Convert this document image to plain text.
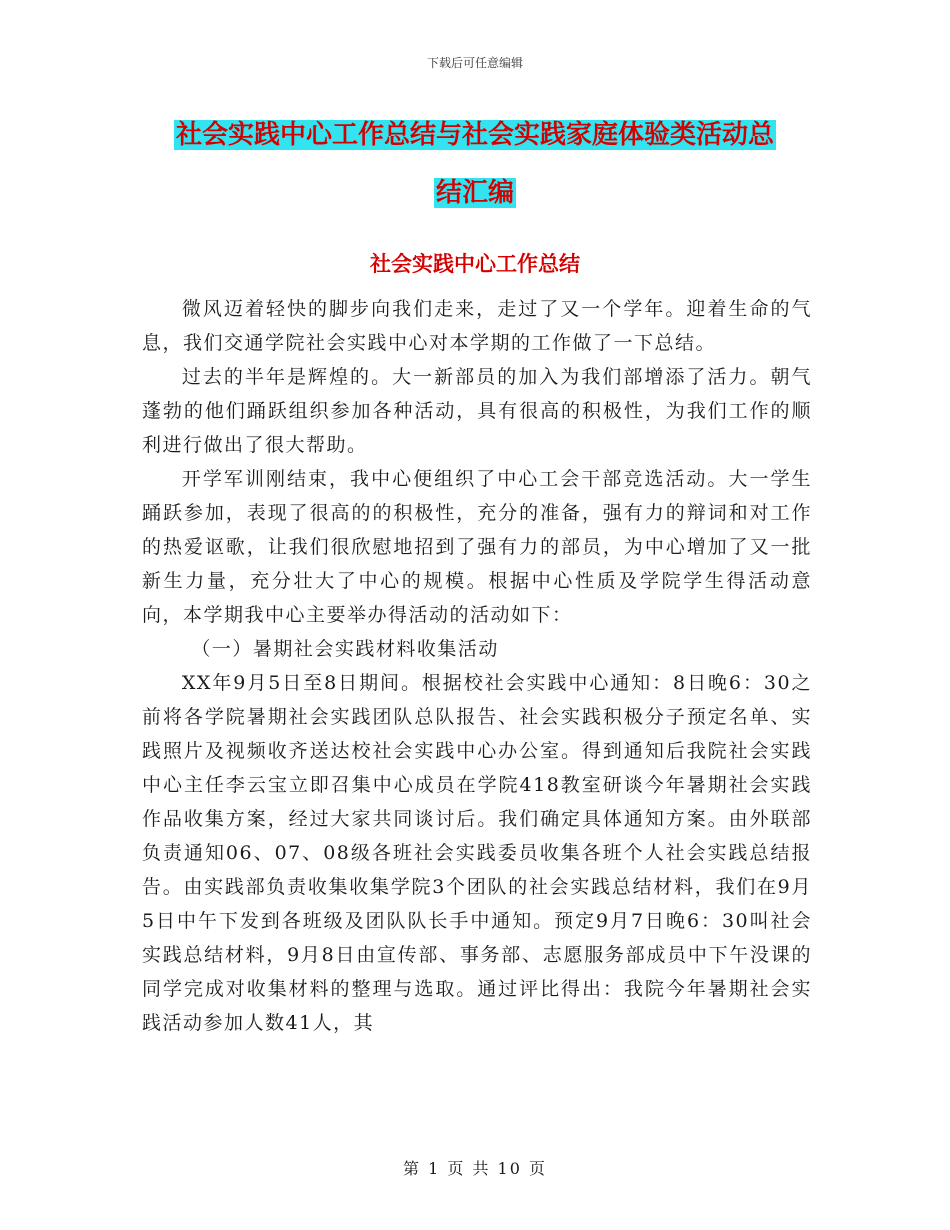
下载后可任意编辑
社会实践中心工作总结与社会实践家庭体验类活动总
结汇编
社会实践中心工作总结

微风迈着轻快的脚步向我们走来，走过了又一个学年。迎着生命的气息，我们交通学院社会实践中心对本学期的工作做了一下总结。

过去的半年是辉煌的。大一新部员的加入为我们部增添了活力。朝气蓬勃的他们踊跃组织参加各种活动，具有很高的积极性，为我们工作的顺利进行做出了很大帮助。

开学军训刚结束，我中心便组织了中心工会干部竞选活动。大一学生踊跃参加，表现了很高的的积极性，充分的准备，强有力的辩词和对工作的热爱讴歌，让我们很欣慰地招到了强有力的部员，为中心增加了又一批新生力量，充分壮大了中心的规模。根据中心性质及学院学生得活动意向，本学期我中心主要举办得活动的活动如下：

（一）暑期社会实践材料收集活动

XX年9月5日至8日期间。根据校社会实践中心通知：8日晚6：30之前将各学院暑期社会实践团队总队报告、社会实践积极分子预定名单、实践照片及视频收齐送达校社会实践中心办公室。得到通知后我院社会实践中心主任李云宝立即召集中心成员在学院418教室研谈今年暑期社会实践作品收集方案，经过大家共同谈讨后。我们确定具体通知方案。由外联部负责通知06、07、08级各班社会实践委员收集各班个人社会实践总结报告。由实践部负责收集收集学院3个团队的社会实践总结材料，我们在9月5日中午下发到各班级及团队队长手中通知。预定9月7日晚6：30叫社会实践总结材料，9月8日由宣传部、事务部、志愿服务部成员中下午没课的同学完成对收集材料的整理与选取。通过评比得出：我院今年暑期社会实践活动参加人数41人，其

第 1 页 共 10 页
